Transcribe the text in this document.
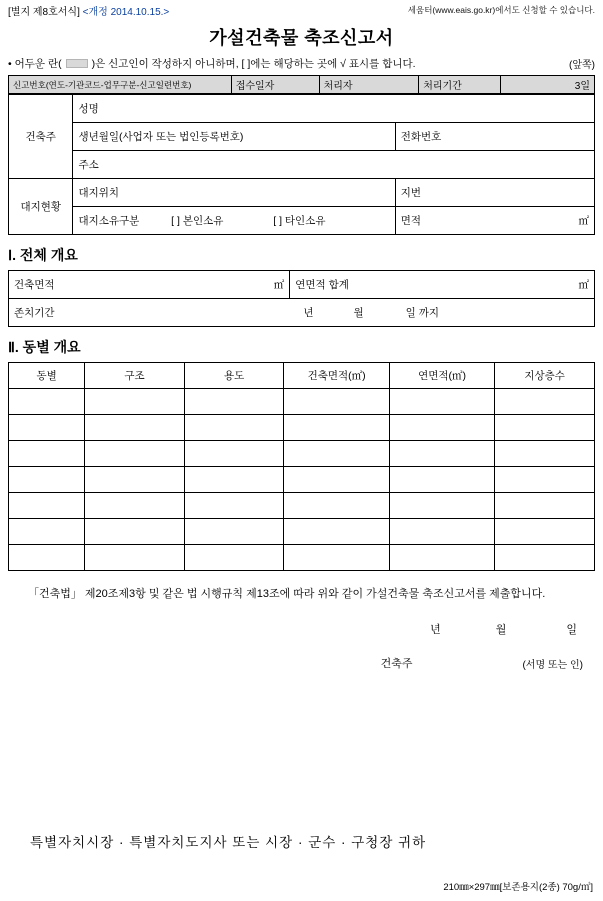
[별지 제8호서식] <개정 2014.10.15.>	세움터(www.eais.go.kr)에서도 신청할 수 있습니다.
가설건축물 축조신고서
• 어두운 란(	)은 신고인이 작성하지 아니하며, [ ]에는 해당하는 곳에 √ 표시를 합니다.	(앞쪽)
신고번호(연도-기관코드-업무구분-신고일련번호)	접수일자	처리자	처리기간	3일
건축주	성명	
	생년월일(사업자 또는 법인등록번호)	전화번호
	주소	
대지현황	대지위치	지번
	대지소유구분 [ ] 본인소유 [ ] 타인소유	면적 ㎡
Ⅰ. 전체 개요
건축면적	㎡	연면적 합계	㎡

존치기간	년	월	일 까지
Ⅱ. 동별 개요
동별	구조	용도	건축면적(㎡)	연면적(㎡)	지상층수

「건축법」 제20조제3항 및 같은 법 시행규칙 제13조에 따라 위와 같이 가설건축물 축조신고서를 제출합니다.
년	월	일
건축주	(서명 또는 인)
특별자치시장 · 특별자치도지사 또는 시장 · 군수 · 구청장 귀하
210㎜×297㎜[보존용지(2종) 70g/㎡]
